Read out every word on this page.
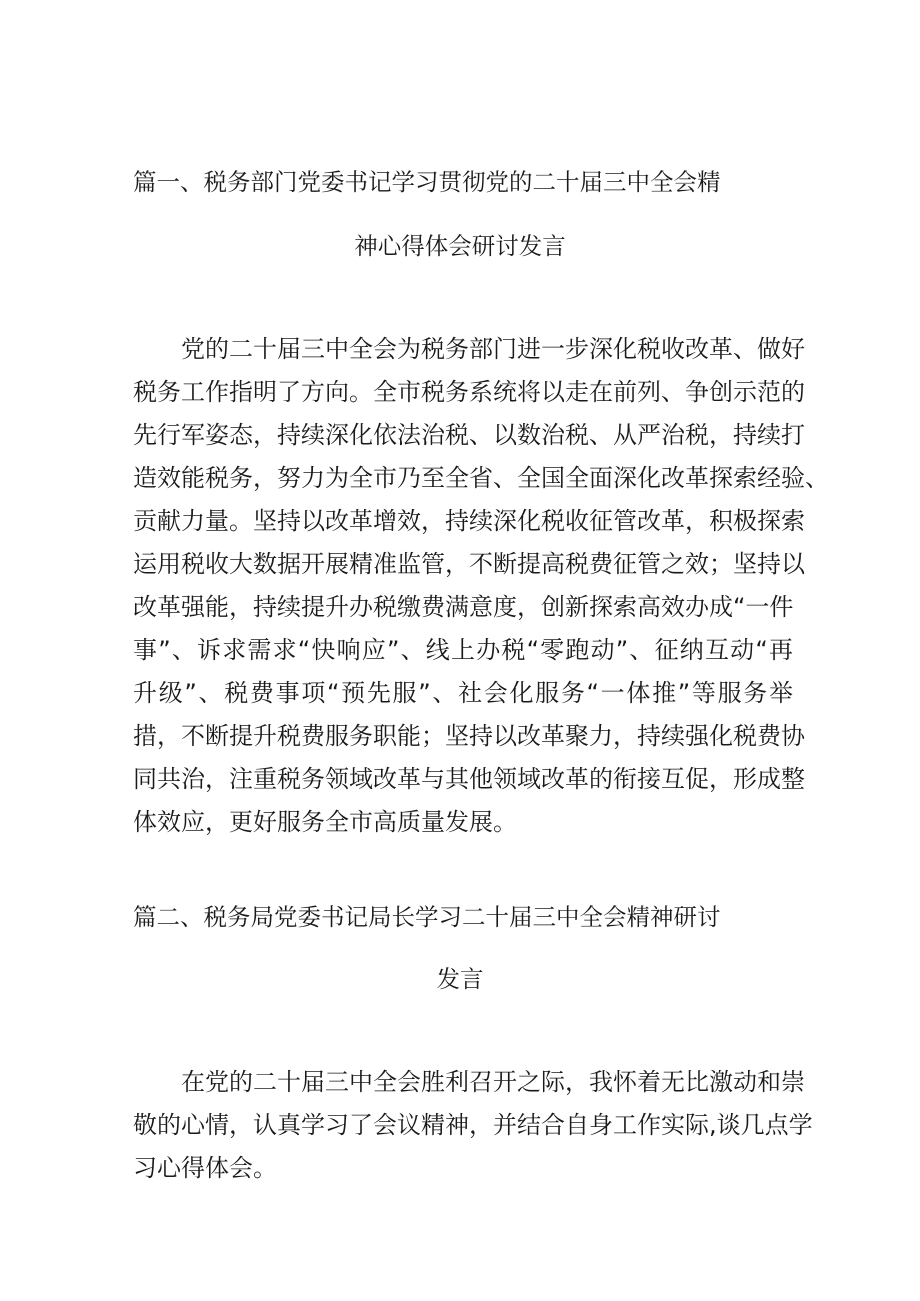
篇一、税务部门党委书记学习贯彻党的二十届三中全会精
神心得体会研讨发言
党的二十届三中全会为税务部门进一步深化税收改革、做好
税务工作指明了方向。全市税务系统将以走在前列、争创示范的
先行军姿态，持续深化依法治税、以数治税、从严治税，持续打
造效能税务，努力为全市乃至全省、全国全面深化改革探索经验、
贡献力量。坚持以改革增效，持续深化税收征管改革，积极探索
运用税收大数据开展精准监管，不断提高税费征管之效；坚持以
改革强能，持续提升办税缴费满意度，创新探索高效办成“一件
事”、诉求需求“快响应”、线上办税“零跑动”、征纳互动“再
升级”、税费事项“预先服”、社会化服务“一体推”等服务举
措，不断提升税费服务职能；坚持以改革聚力，持续强化税费协
同共治，注重税务领域改革与其他领域改革的衔接互促，形成整
体效应，更好服务全市高质量发展。
篇二、税务局党委书记局长学习二十届三中全会精神研讨
发言
在党的二十届三中全会胜利召开之际，我怀着无比激动和崇
敬的心情，认真学习了会议精神，并结合自身工作实际,谈几点学
习心得体会。
